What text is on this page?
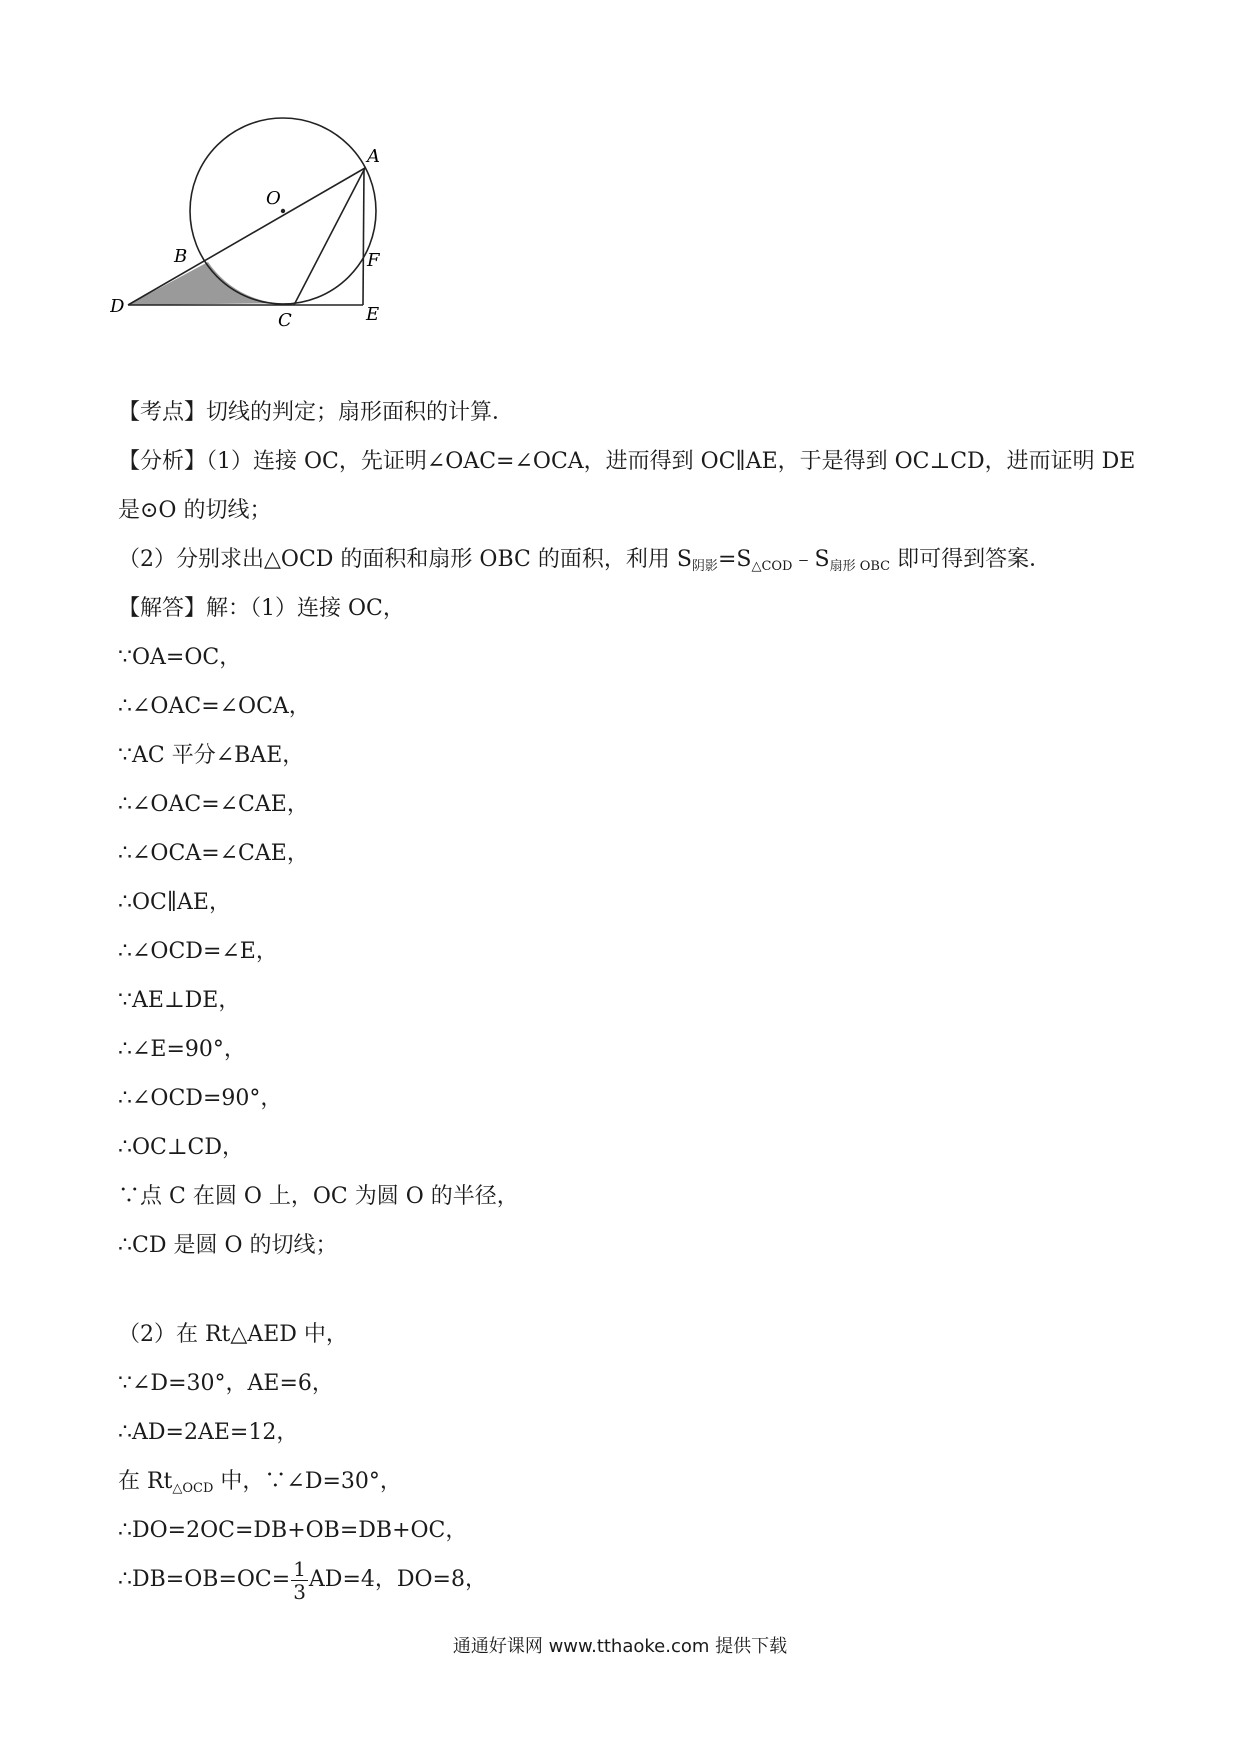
A
O
B	F
D
C	E
【考点】切线的判定；扇形面积的计算．
【分析】（1）连接 OC，先证明∠OAC=∠OCA，进而得到 OC∥AE，于是得到 OC⊥CD，进而证明 DE
是⊙O 的切线；
（2）分别求出△OCD 的面积和扇形 OBC 的面积，利用 $S_{阴影}=S_{\triangle COD}﹣S_{扇形 OBC}$ 即可得到答案．
【解答】解：（1）连接 OC，
∵OA=OC，
∴∠OAC=∠OCA，
∵AC 平分∠BAE，
∴∠OAC=∠CAE，
∴∠OCA=∠CAE，
∴OC∥AE，
∴∠OCD=∠E，
∵AE⊥DE，
∴∠E=90°，
∴∠OCD=90°，
∴OC⊥CD，
∵点 C 在圆 O 上，OC 为圆 O 的半径，
∴CD 是圆 O 的切线；
（2）在 Rt△AED 中，
∵∠D=30°，AE=6，
∴AD=2AE=12，
在 $Rt_{\triangle OCD}$ 中，∵∠D=30°，
∴DO=2OC=DB+OB=DB+OC，
∴DB=OB=OC= $\frac{1}{3} AD=4$，DO=8，
通通好课网 www.tthaoke.com 提供下载
